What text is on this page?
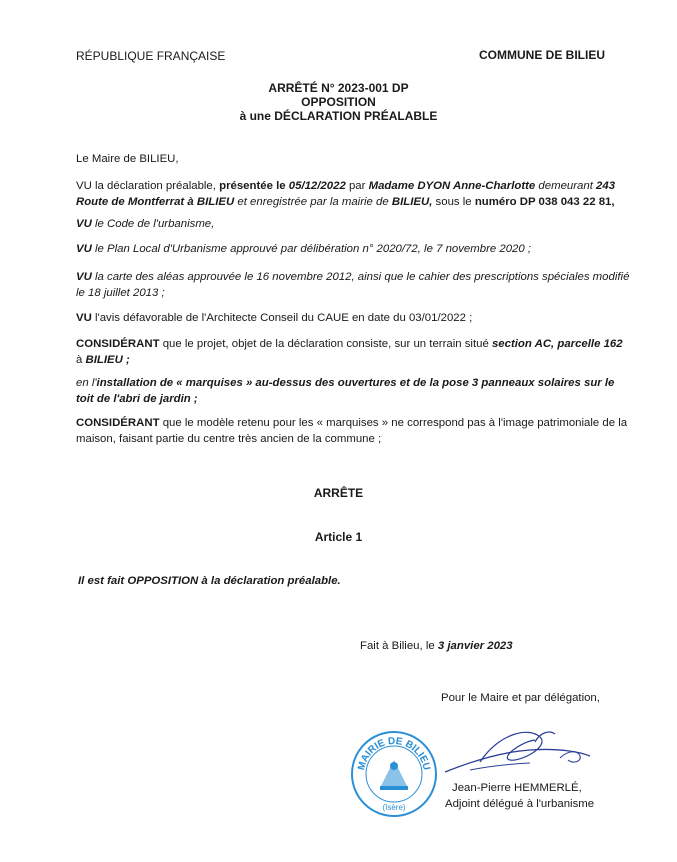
RÉPUBLIQUE FRANÇAISE	COMMUNE DE BILIEU
ARRÊTÉ N° 2023-001 DP
OPPOSITION
à une DÉCLARATION PRÉALABLE
Le Maire de BILIEU,

VU la déclaration préalable, présentée le 05/12/2022 par Madame DYON Anne-Charlotte demeurant 243
Route de Montferrat à BILIEU et enregistrée par la mairie de BILIEU, sous le numéro DP 038 043 22 81,

VU le Code de l'urbanisme,
VU le Plan Local d'Urbanisme approuvé par délibération n° 2020/72, le 7 novembre 2020 ;

VU la carte des aléas approuvée le 16 novembre 2012, ainsi que le cahier des prescriptions spéciales modifié
le 18 juillet 2013 ;

VU l'avis défavorable de l'Architecte Conseil du CAUE en date du 03/01/2022 ;

CONSIDÉRANT que le projet, objet de la déclaration consiste, sur un terrain situé section AC, parcelle 162
à BILIEU ;

en l'installation de « marquises » au-dessus des ouvertures et de la pose 3 panneaux solaires sur le
toit de l'abri de jardin ;

CONSIDÉRANT que le modèle retenu pour les « marquises » ne correspond pas à l'image patrimoniale de la
maison, faisant partie du centre très ancien de la commune ;

ARRÊTE
Article 1
Il est fait OPPOSITION à la déclaration préalable.
Fait à Bilieu, le 3 janvier 2023
Pour le Maire et par délégation,
MAIRIE DE BILIEU
(Isère)
Jean-Pierre HEMMERLÉ,
Adjoint délégué à l'urbanisme
